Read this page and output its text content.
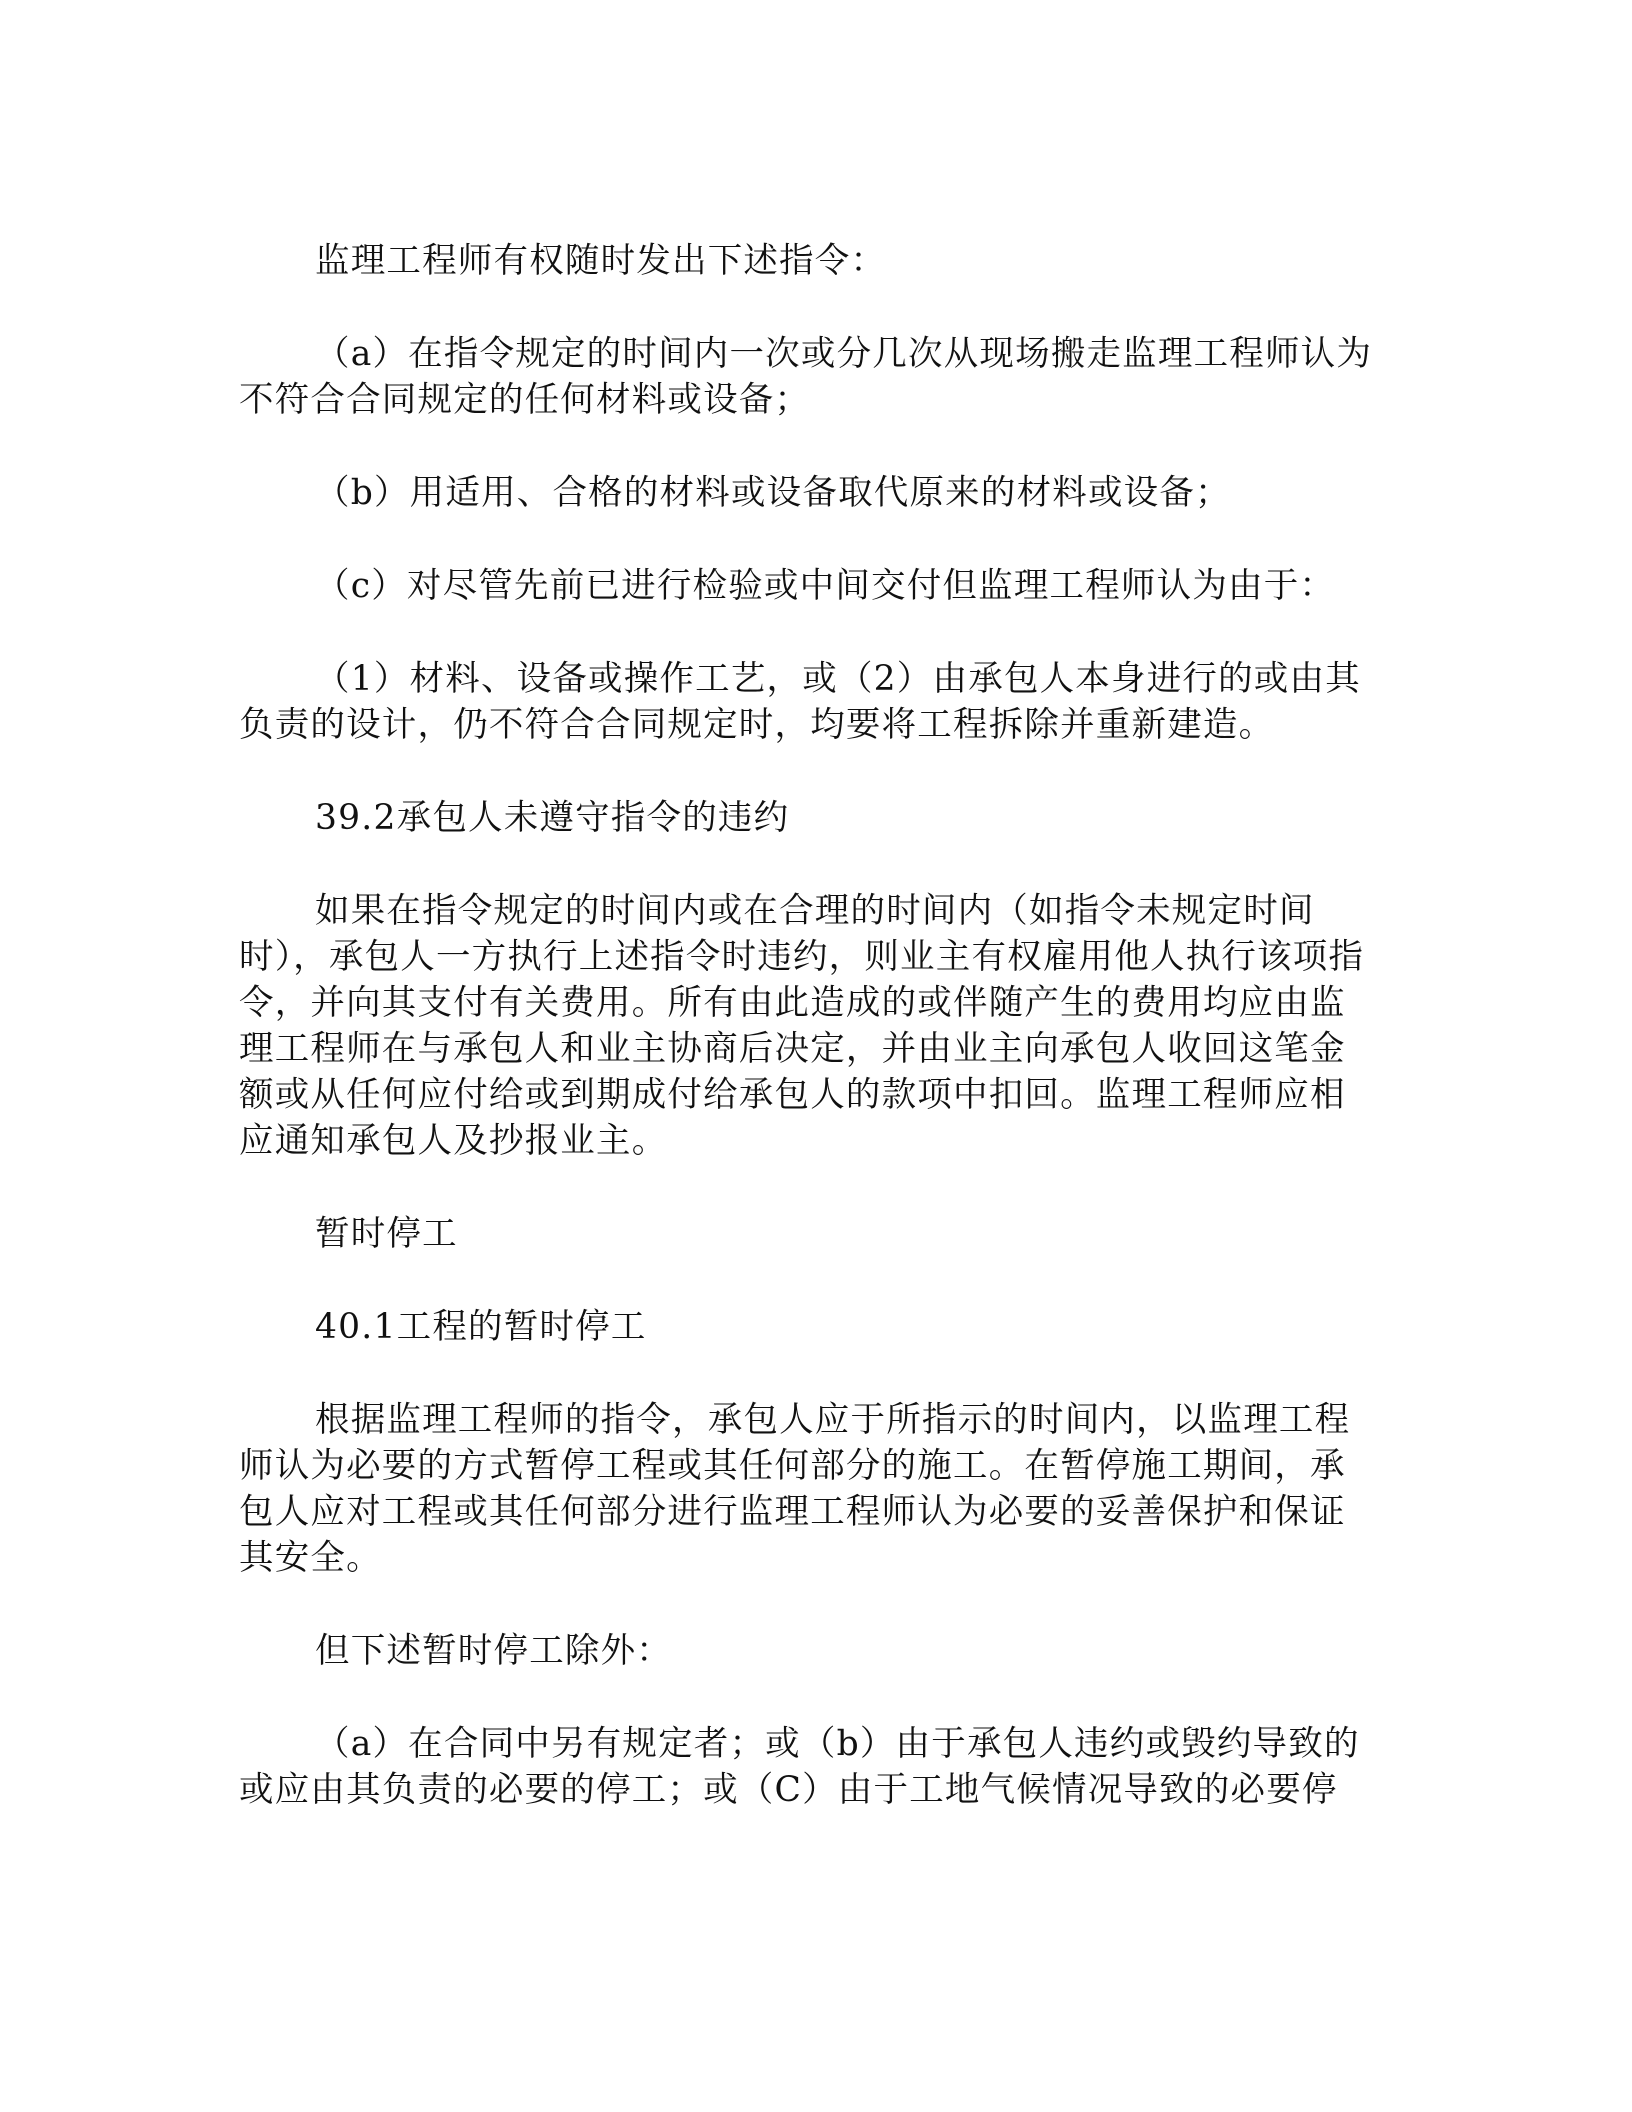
监理工程师有权随时发出下述指令：

（a）在指令规定的时间内一次或分几次从现场搬走监理工程师认为不符合合同规定的任何材料或设备；

（b）用适用、合格的材料或设备取代原来的材料或设备；

（c）对尽管先前已进行检验或中间交付但监理工程师认为由于：

（1）材料、设备或操作工艺，或（2）由承包人本身进行的或由其负责的设计，仍不符合合同规定时，均要将工程拆除并重新建造。

39.2承包人未遵守指令的违约

如果在指令规定的时间内或在合理的时间内（如指令未规定时间时），承包人一方执行上述指令时违约，则业主有权雇用他人执行该项指令，并向其支付有关费用。所有由此造成的或伴随产生的费用均应由监理工程师在与承包人和业主协商后决定，并由业主向承包人收回这笔金额或从任何应付给或到期成付给承包人的款项中扣回。监理工程师应相应通知承包人及抄报业主。

暂时停工

40.1工程的暂时停工

根据监理工程师的指令，承包人应于所指示的时间内，以监理工程师认为必要的方式暂停工程或其任何部分的施工。在暂停施工期间，承包人应对工程或其任何部分进行监理工程师认为必要的妥善保护和保证其安全。

但下述暂时停工除外：

（a）在合同中另有规定者；或（b）由于承包人违约或毁约导致的或应由其负责的必要的停工；或（C）由于工地气候情况导致的必要停
